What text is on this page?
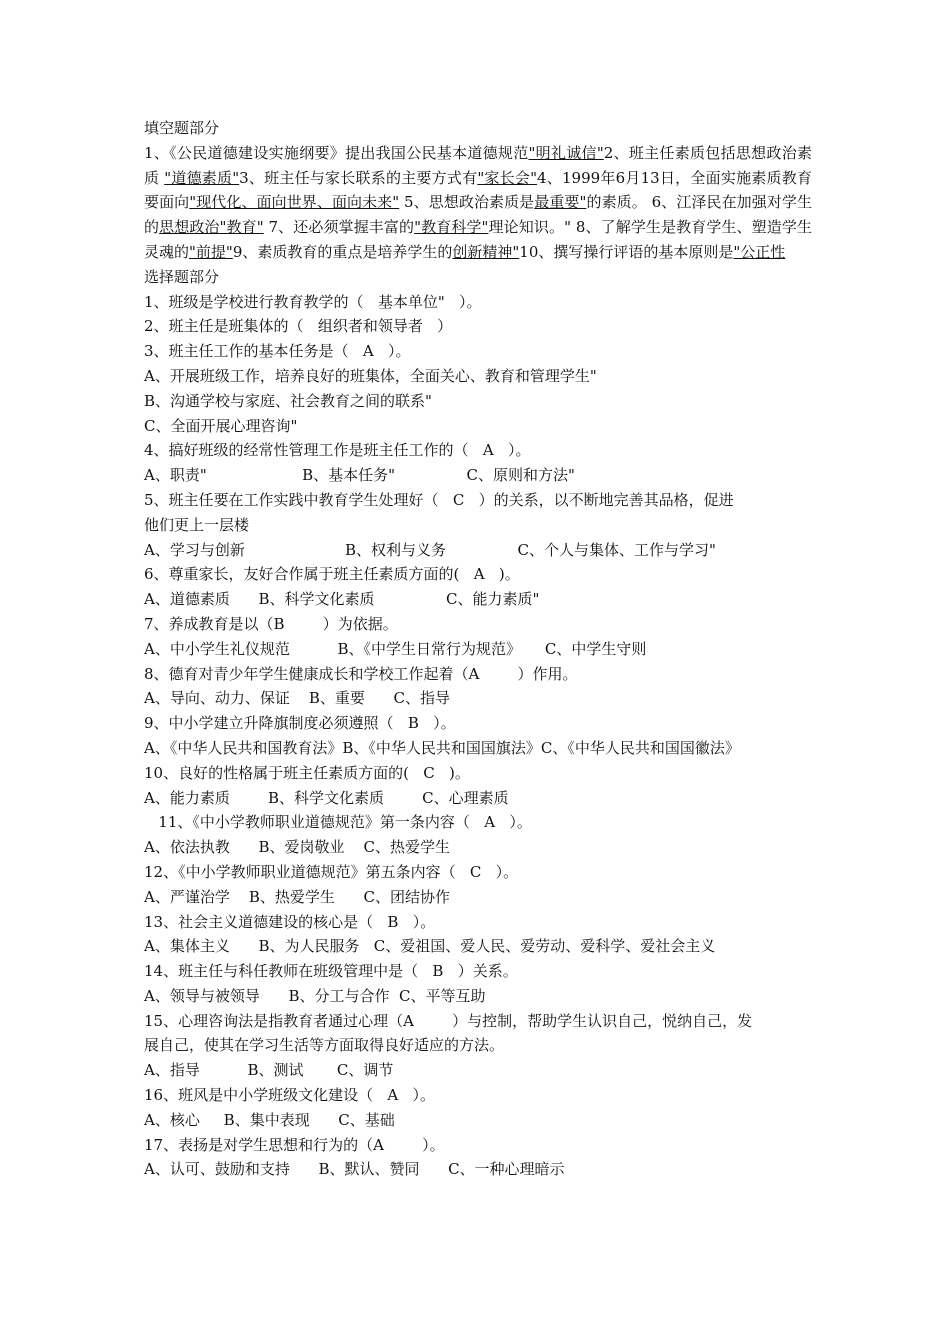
填空题部分
1、《公民道德建设实施纲要》提出我国公民基本道德规范"明礼诚信"2、班主任素质包括思想政治素质 "道德素质"3、班主任与家长联系的主要方式有"家长会"4、1999年6月13日，全面实施素质教育要面向"现代化、面向世界、面向未来" 5、思想政治素质是最重要"的素质。 6、江泽民在加强对学生的思想政治"教育" 7、还必须掌握丰富的"教育科学"理论知识。" 8、了解学生是教育学生、塑造学生灵魂的"前提"9、素质教育的重点是培养学生的创新精神"10、撰写操行评语的基本原则是"公正性
选择题部分
1、班级是学校进行教育教学的（   基本单位"   ）。
2、班主任是班集体的（   组织者和领导者   ）
3、班主任工作的基本任务是（   A   ）。
A、开展班级工作，培养良好的班集体，全面关心、教育和管理学生"
B、沟通学校与家庭、社会教育之间的联系"
C、全面开展心理咨询"
4、搞好班级的经常性管理工作是班主任工作的（   A   ）。
A、职责"                    B、基本任务"               C、原则和方法"
5、班主任要在工作实践中教育学生处理好（   C   ）的关系，以不断地完善其品格，促进
他们更上一层楼
A、学习与创新                     B、权利与义务               C、个人与集体、工作与学习"
6、尊重家长，友好合作属于班主任素质方面的(   A   )。
A、道德素质      B、科学文化素质               C、能力素质"
7、养成教育是以（B        ）为依据。
A、中小学生礼仪规范          B、《中学生日常行为规范》     C、中学生守则
8、德育对青少年学生健康成长和学校工作起着（A        ）作用。
A、导向、动力、保证    B、重要      C、指导
9、中小学建立升降旗制度必须遵照（   B   ）。
A、《中华人民共和国教育法》B、《中华人民共和国国旗法》C、《中华人民共和国国徽法》
10、良好的性格属于班主任素质方面的(   C   )。
A、能力素质        B、科学文化素质        C、心理素质
11、《中小学教师职业道德规范》第一条内容（   A   ）。
A、依法执教      B、爱岗敬业    C、热爱学生
12、《中小学教师职业道德规范》第五条内容（   C   ）。
A、严谨治学    B、热爱学生      C、团结协作
13、社会主义道德建设的核心是（   B   ）。
A、集体主义      B、为人民服务   C、爱祖国、爱人民、爱劳动、爱科学、爱社会主义
14、班主任与科任教师在班级管理中是（   B   ）关系。
A、领导与被领导      B、分工与合作  C、平等互助
15、心理咨询法是指教育者通过心理（A        ）与控制，帮助学生认识自己，悦纳自己，发
展自己，使其在学习生活等方面取得良好适应的方法。
A、指导          B、测试       C、调节
16、班风是中小学班级文化建设（   A   ）。
A、核心     B、集中表现      C、基础
17、表扬是对学生思想和行为的（A        ）。
A、认可、鼓励和支持      B、默认、赞同      C、一种心理暗示
